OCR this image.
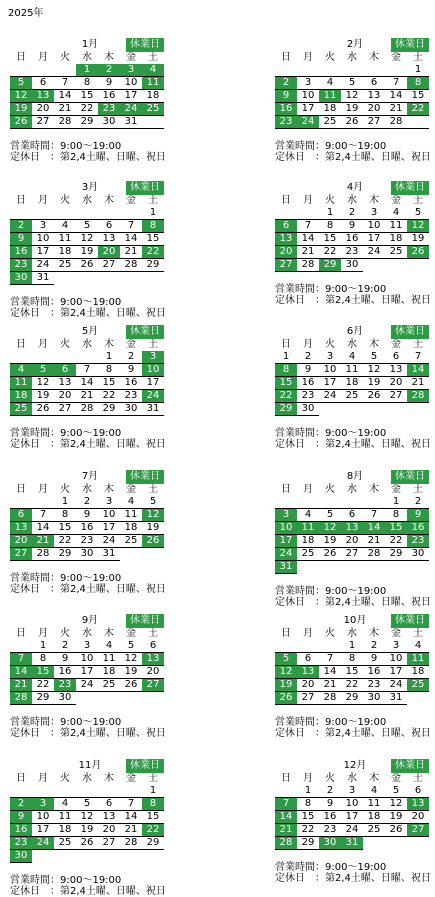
2025年
1月	休業日
日	月	火	水	木	金	土
			1	2	3	4
5	6	7	8	9	10	11
12	13	14	15	16	17	18
19	20	21	22	23	24	25
26	27	28	29	30	31	
営業時間：9:00〜19:00
定休日　：第2,4土曜、日曜、祝日
2月	休業日
日	月	火	水	木	金	土
						1
2	3	4	5	6	7	8
9	10	11	12	13	14	15
16	17	18	19	20	21	22
23	24	25	26	27	28	
営業時間：9:00〜19:00
定休日　：第2,4土曜、日曜、祝日
3月	休業日
日	月	火	水	木	金	土
						1
2	3	4	5	6	7	8
9	10	11	12	13	14	15
16	17	18	19	20	21	22
23	24	25	26	27	28	29
30	31					
営業時間：9:00〜19:00
定休日　：第2,4土曜、日曜、祝日
4月	休業日
日	月	火	水	木	金	土
		1	2	3	4	5
6	7	8	9	10	11	12
13	14	15	16	17	18	19
20	21	22	23	24	25	26
27	28	29	30			
営業時間：9:00〜19:00
定休日　：第2,4土曜、日曜、祝日
5月	休業日
日	月	火	水	木	金	土
				1	2	3
4	5	6	7	8	9	10
11	12	13	14	15	16	17
18	19	20	21	22	23	24
25	26	27	28	29	30	31
営業時間：9:00〜19:00
定休日　：第2,4土曜、日曜、祝日
6月	休業日
日	月	火	水	木	金	土
1	2	3	4	5	6	7
8	9	10	11	12	13	14
15	16	17	18	19	20	21
22	23	24	25	26	27	28
29	30					
営業時間：9:00〜19:00
定休日　：第2,4土曜、日曜、祝日
7月	休業日
日	月	火	水	木	金	土
		1	2	3	4	5
6	7	8	9	10	11	12
13	14	15	16	17	18	19
20	21	22	23	24	25	26
27	28	29	30	31		
営業時間：9:00〜19:00
定休日　：第2,4土曜、日曜、祝日
8月	休業日
日	月	火	水	木	金	土
					1	2
3	4	5	6	7	8	9
10	11	12	13	14	15	16
17	18	19	20	21	22	23
24	25	26	27	28	29	30
31						
営業時間：9:00〜19:00
定休日　：第2,4土曜、日曜、祝日
9月	休業日
日	月	火	水	木	金	土
	1	2	3	4	5	6
7	8	9	10	11	12	13
14	15	16	17	18	19	20
21	22	23	24	25	26	27
28	29	30				
営業時間：9:00〜19:00
定休日　：第2,4土曜、日曜、祝日
10月	休業日
日	月	火	水	木	金	土
			1	2	3	4
5	6	7	8	9	10	11
12	13	14	15	16	17	18
19	20	21	22	23	24	25
26	27	28	29	30	31	
営業時間：9:00〜19:00
定休日　：第2,4土曜、日曜、祝日
11月	休業日
日	月	火	水	木	金	土
						1
2	3	4	5	6	7	8
9	10	11	12	13	14	15
16	17	18	19	20	21	22
23	24	25	26	27	28	29
30						
営業時間：9:00〜19:00
定休日　：第2,4土曜、日曜、祝日
12月	休業日
日	月	火	水	木	金	土
	1	2	3	4	5	6
7	8	9	10	11	12	13
14	15	16	17	18	19	20
21	22	23	24	25	26	27
28	29	30	31			
営業時間：9:00〜19:00
定休日　：第2,4土曜、日曜、祝日
